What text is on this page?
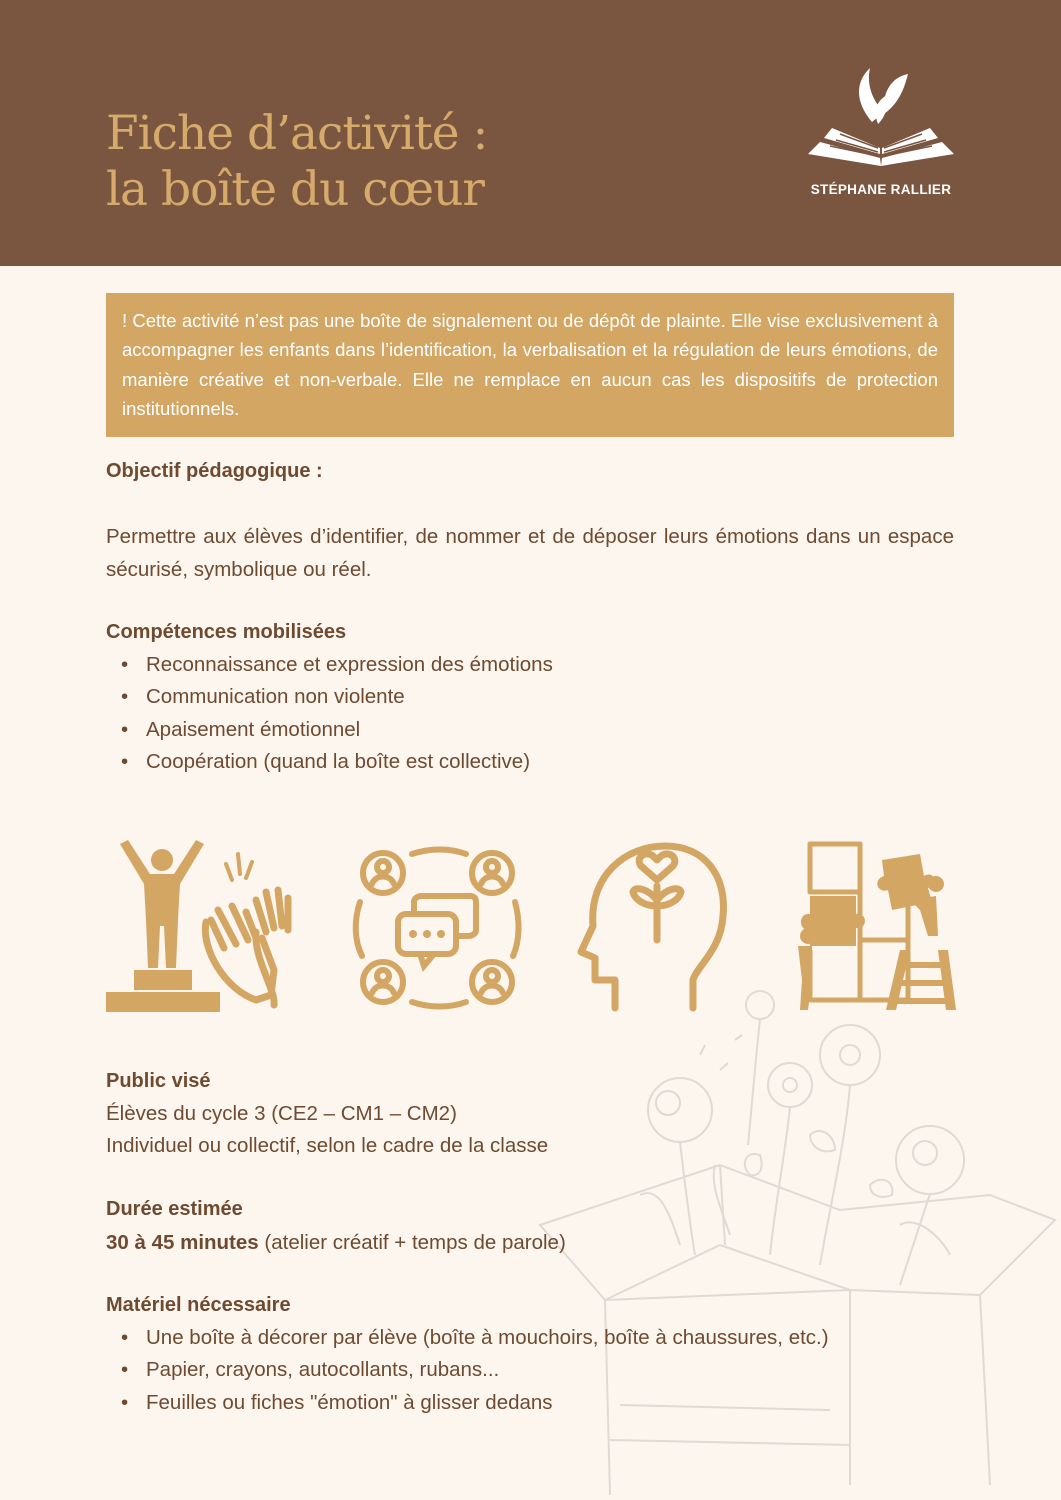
Fiche d’activité :
la boîte du cœur	STÉPHANE RALLIER
! Cette activité n’est pas une boîte de signalement ou de dépôt de plainte. Elle vise exclusivement à accompagner les enfants dans l’identification, la verbalisation et la régulation de leurs émotions, de manière créative et non-verbale. Elle ne remplace en aucun cas les dispositifs de protection institutionnels.
Objectif pédagogique :

Permettre aux élèves d’identifier, de nommer et de déposer leurs émotions dans un espace sécurisé, symbolique ou réel.

Compétences mobilisées
• Reconnaissance et expression des émotions
• Communication non violente
• Apaisement émotionnel
• Coopération (quand la boîte est collective)
Public visé

Élèves du cycle 3 (CE2 – CM1 – CM2)

Individuel ou collectif, selon le cadre de la classe

Durée estimée

30 à 45 minutes (atelier créatif + temps de parole)

Matériel nécessaire
• Une boîte à décorer par élève (boîte à mouchoirs, boîte à chaussures, etc.)
• Papier, crayons, autocollants, rubans...
• Feuilles ou fiches "émotion" à glisser dedans
